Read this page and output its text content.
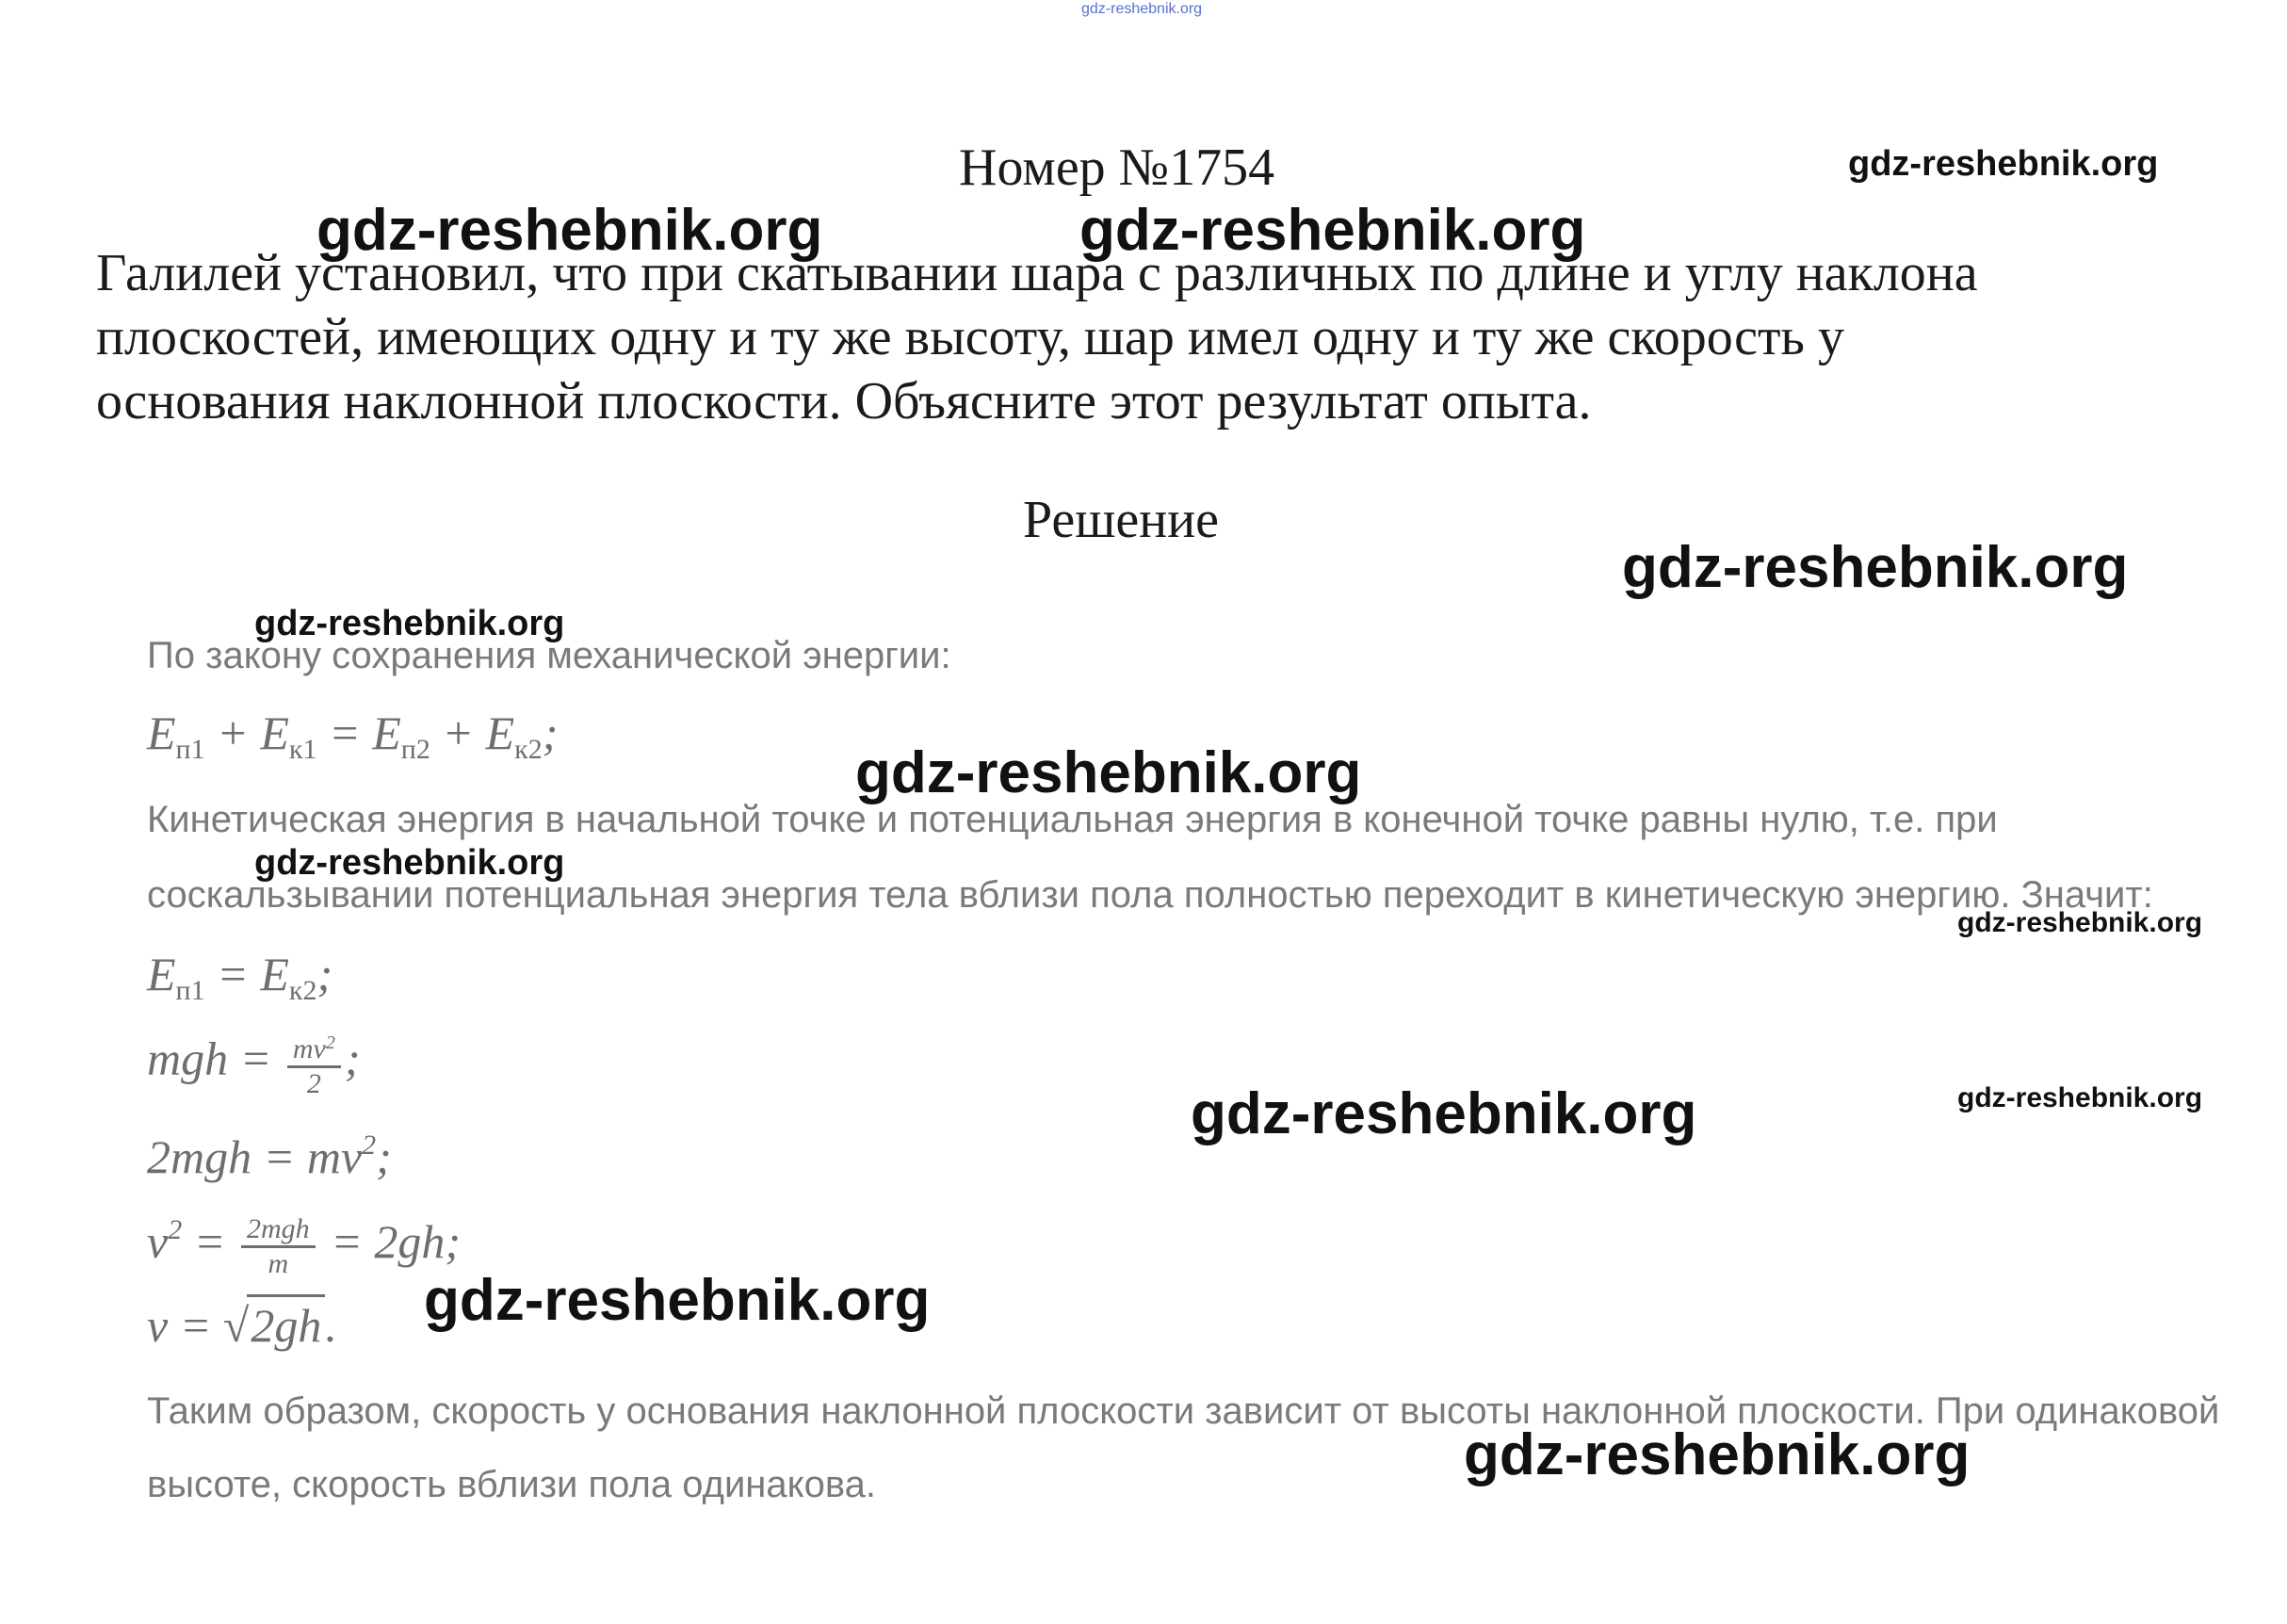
gdz-reshebnik.org
Номер №1754
Галилей установил, что при скатывании шара с различных по длине и углу наклона
плоскостей, имеющих одну и ту же высоту, шар имел одну и ту же скорость у
основания наклонной плоскости. Объясните этот результат опыта.
Решение
По закону сохранения механической энергии:
$E_{п1} + E_{к1} = E_{п2} + E_{к2}$;
Кинетическая энергия в начальной точке и потенциальная энергия в конечной точке равны нулю, т.е. при
соскальзывании потенциальная энергия тела вблизи пола полностью переходит в кинетическую энергию. Значит:
$E_{п1} = E_{к2}$;
mgh = $\frac{mv^2}{2}$ ;
$2mgh = mv^2$;
$v^2 = \frac{\text{2mgh}}{m} = 2gh$;
v = √2gh.
Таким образом, скорость у основания наклонной плоскости зависит от высоты наклонной плоскости. При одинаковой
высоте, скорость вблизи пола одинакова.
gdz-reshebnik.org
gdz-reshebnik.org	gdz-reshebnik.org
gdz-reshebnik.org
gdz-reshebnik.org
gdz-reshebnik.org
gdz-reshebnik.org
gdz-reshebnik.org
gdz-reshebnik.org	gdz-reshebnik.org
gdz-reshebnik.org
gdz-reshebnik.org
